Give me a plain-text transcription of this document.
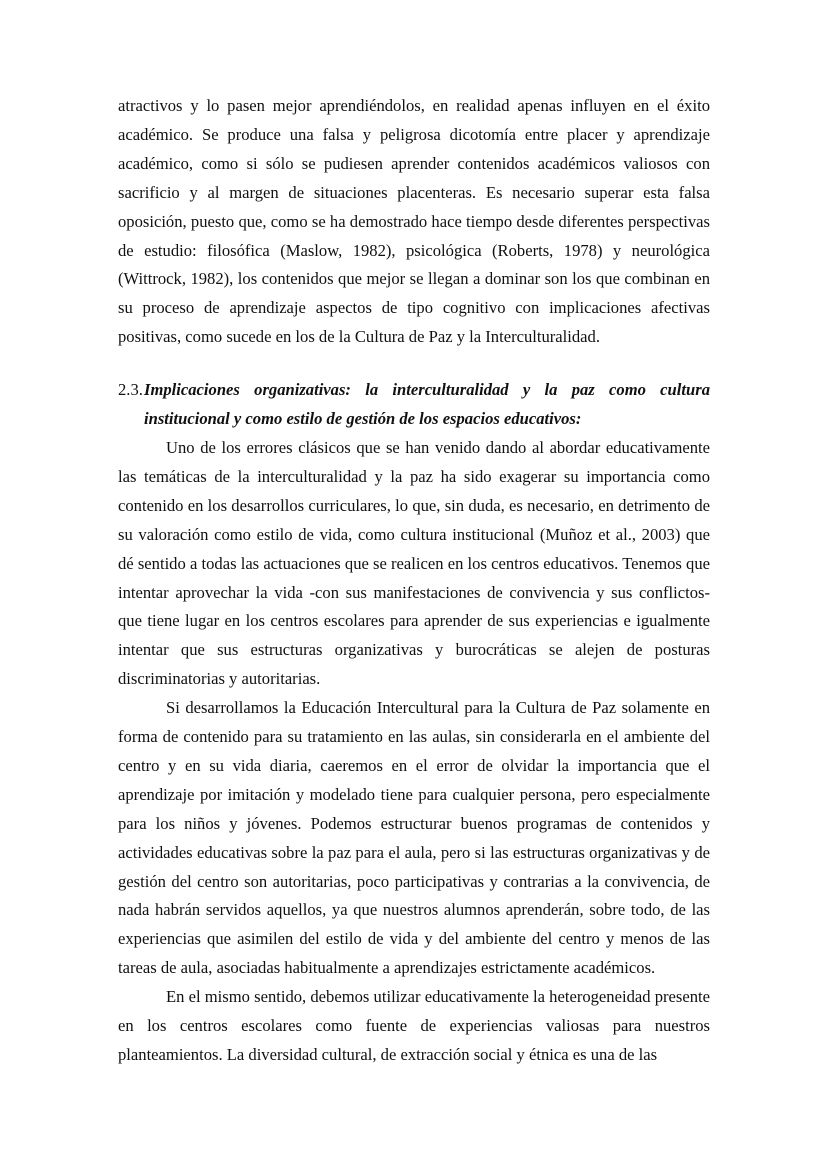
atractivos y lo pasen mejor aprendiéndolos, en realidad apenas influyen en el éxito académico. Se produce una falsa y peligrosa dicotomía entre placer y aprendizaje académico, como si sólo se pudiesen aprender contenidos académicos valiosos con sacrificio y al margen de situaciones placenteras. Es necesario superar esta falsa oposición, puesto que, como se ha demostrado hace tiempo desde diferentes perspectivas de estudio: filosófica (Maslow, 1982), psicológica (Roberts, 1978) y neurológica (Wittrock, 1982), los contenidos que mejor se llegan a dominar son los que combinan en su proceso de aprendizaje aspectos de tipo cognitivo con implicaciones afectivas positivas, como sucede en los de la Cultura de Paz y la Interculturalidad.

2.3.Implicaciones organizativas: la interculturalidad y la paz como cultura institucional y como estilo de gestión de los espacios educativos:

Uno de los errores clásicos que se han venido dando al abordar educativamente las temáticas de la interculturalidad y la paz ha sido exagerar su importancia como contenido en los desarrollos curriculares, lo que, sin duda, es necesario, en detrimento de su valoración como estilo de vida, como cultura institucional (Muñoz et al., 2003) que dé sentido a todas las actuaciones que se realicen en los centros educativos. Tenemos que intentar aprovechar la vida -con sus manifestaciones de convivencia y sus conflictos- que tiene lugar en los centros escolares para aprender de sus experiencias e igualmente intentar que sus estructuras organizativas y burocráticas se alejen de posturas discriminatorias y autoritarias.

Si desarrollamos la Educación Intercultural para la Cultura de Paz solamente en forma de contenido para su tratamiento en las aulas, sin considerarla en el ambiente del centro y en su vida diaria, caeremos en el error de olvidar la importancia que el aprendizaje por imitación y modelado tiene para cualquier persona, pero especialmente para los niños y jóvenes. Podemos estructurar buenos programas de contenidos y actividades educativas sobre la paz para el aula, pero si las estructuras organizativas y de gestión del centro son autoritarias, poco participativas y contrarias a la convivencia, de nada habrán servidos aquellos, ya que nuestros alumnos aprenderán, sobre todo, de las experiencias que asimilen del estilo de vida y del ambiente del centro y menos de las tareas de aula, asociadas habitualmente a aprendizajes estrictamente académicos.

En el mismo sentido, debemos utilizar educativamente la heterogeneidad presente en los centros escolares como fuente de experiencias valiosas para nuestros planteamientos. La diversidad cultural, de extracción social y étnica es una de las
